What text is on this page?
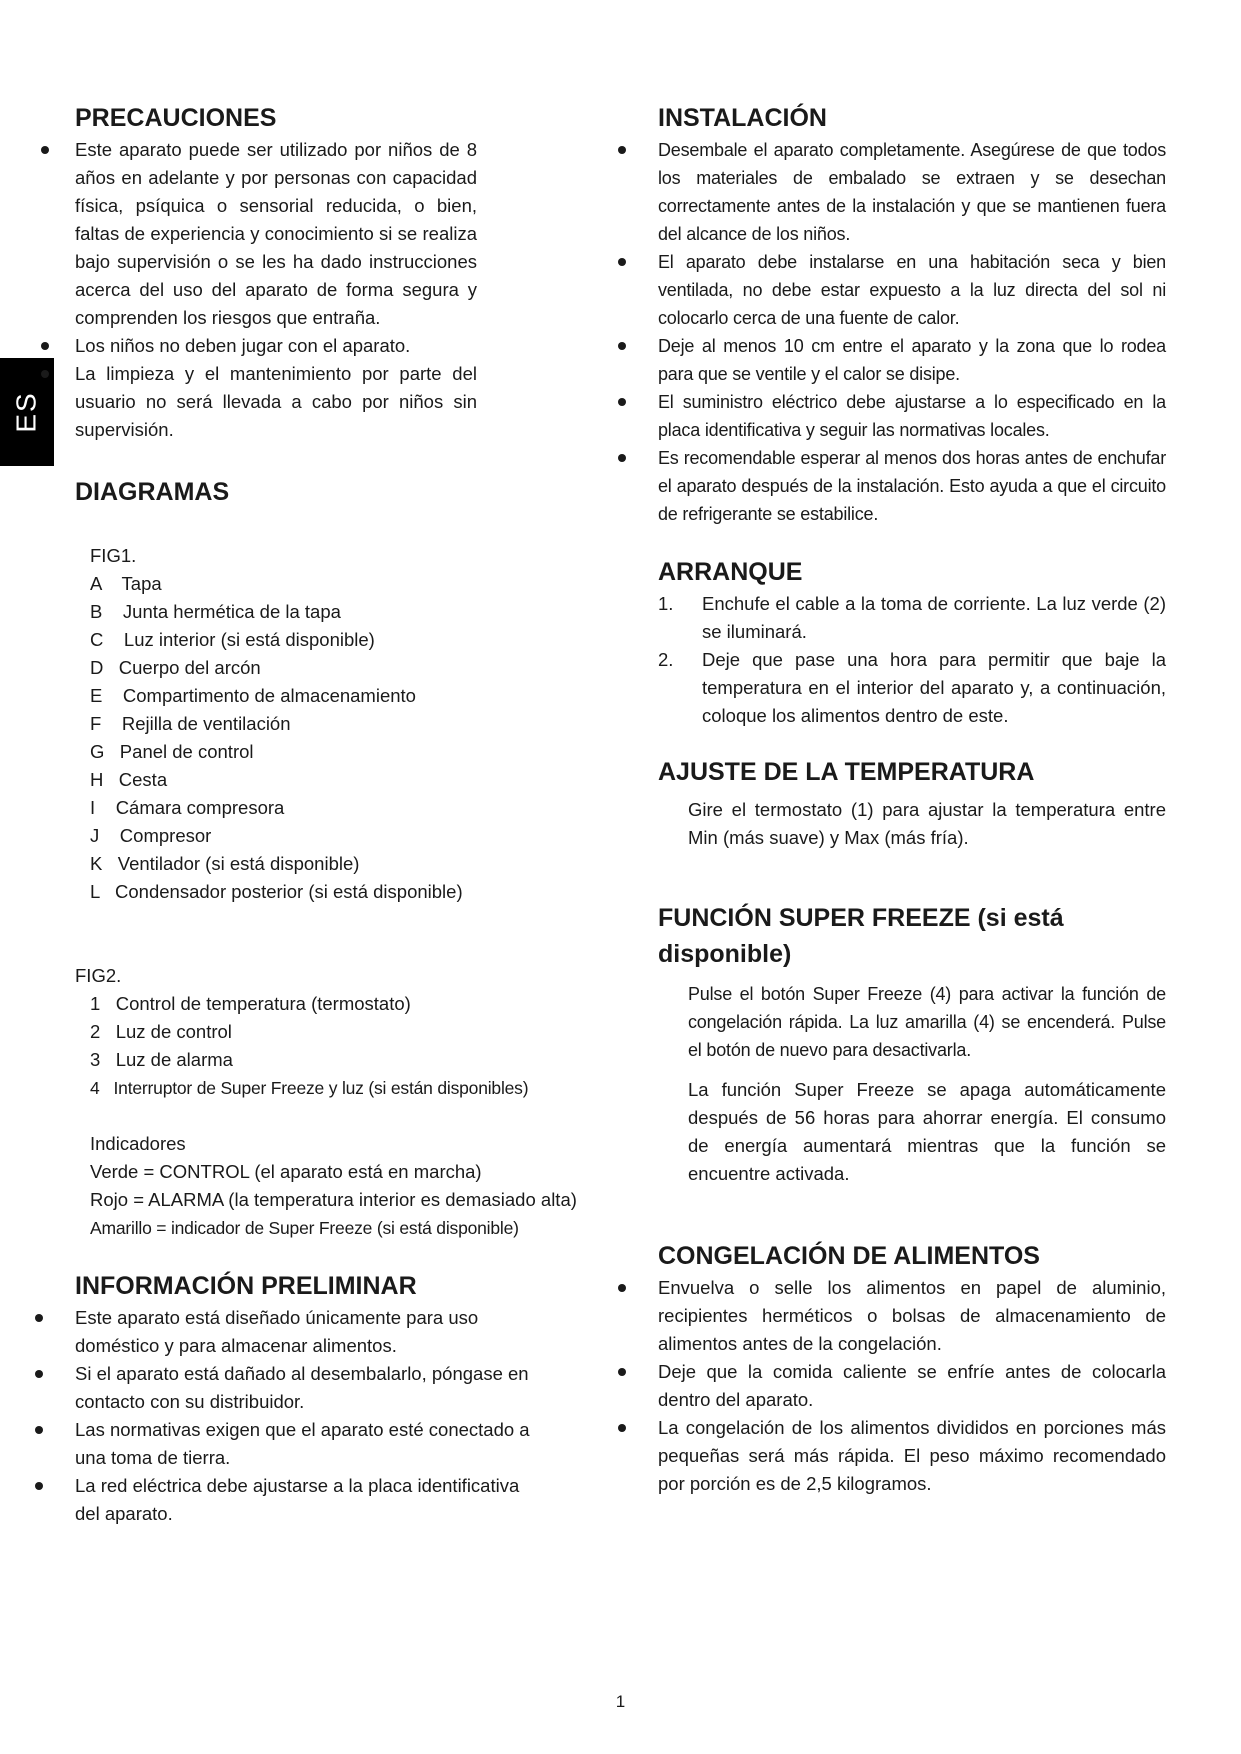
ES
PRECAUCIONES
Este aparato puede ser utilizado por niños de 8 años en adelante y por personas con capacidad física, psíquica o sensorial reducida, o bien, faltas de experiencia y conocimiento si se realiza bajo supervisión o se les ha dado instrucciones acerca del uso del aparato de forma segura y comprenden los riesgos que entraña.
Los niños no deben jugar con el aparato.
La limpieza y el mantenimiento por parte del usuario no será llevada a cabo por niños sin supervisión.
DIAGRAMAS
FIG1.
A    Tapa
B    Junta hermética de la tapa
C    Luz interior (si está disponible)
D   Cuerpo del arcón
E    Compartimento de almacenamiento
F    Rejilla de ventilación
G   Panel de control
H   Cesta
I    Cámara compresora
J    Compresor
K   Ventilador (si está disponible)
L   Condensador posterior (si está disponible)
FIG2.
1   Control de temperatura (termostato)
2   Luz de control
3   Luz de alarma
4   Interruptor de Super Freeze y luz (si están disponibles)
Indicadores
Verde = CONTROL (el aparato está en marcha)
Rojo = ALARMA (la temperatura interior es demasiado alta)
Amarillo = indicador de Super Freeze (si está disponible)
INFORMACIÓN PRELIMINAR
Este aparato está diseñado únicamente para uso doméstico y para almacenar alimentos.
Si el aparato está dañado al desembalarlo, póngase en contacto con su distribuidor.
Las normativas exigen que el aparato esté conectado a una toma de tierra.
La red eléctrica debe ajustarse a la placa identificativa del aparato.
INSTALACIÓN
Desembale el aparato completamente. Asegúrese de que todos los materiales de embalado se extraen y se desechan correctamente antes de la instalación y que se mantienen fuera del alcance de los niños.
El aparato debe instalarse en una habitación seca y bien ventilada, no debe estar expuesto a la luz directa del sol ni colocarlo cerca de una fuente de calor.
Deje al menos 10 cm entre el aparato y la zona que lo rodea para que se ventile y el calor se disipe.
El suministro eléctrico debe ajustarse a lo especificado en la placa identificativa y seguir las normativas locales.
Es recomendable esperar al menos dos horas antes de enchufar el aparato después de la instalación. Esto ayuda a que el circuito de refrigerante se estabilice.
ARRANQUE
1. Enchufe el cable a la toma de corriente. La luz verde (2) se iluminará.
2. Deje que pase una hora para permitir que baje la temperatura en el interior del aparato y, a continuación, coloque los alimentos dentro de este.
AJUSTE DE LA TEMPERATURA

Gire el termostato (1) para ajustar la temperatura entre Min (más suave) y Max (más fría).

FUNCIÓN SUPER FREEZE (si está
disponible)

Pulse el botón Super Freeze (4) para activar la función de congelación rápida. La luz amarilla (4) se encenderá. Pulse el botón de nuevo para desactivarla.

La función Super Freeze se apaga automáticamente después de 56 horas para ahorrar energía. El consumo de energía aumentará mientras que la función se encuentre activada.

CONGELACIÓN DE ALIMENTOS
Envuelva o selle los alimentos en papel de aluminio, recipientes herméticos o bolsas de almacenamiento de alimentos antes de la congelación.
Deje que la comida caliente se enfríe antes de colocarla dentro del aparato.
La congelación de los alimentos divididos en porciones más pequeñas será más rápida. El peso máximo recomendado por porción es de 2,5 kilogramos.
1
